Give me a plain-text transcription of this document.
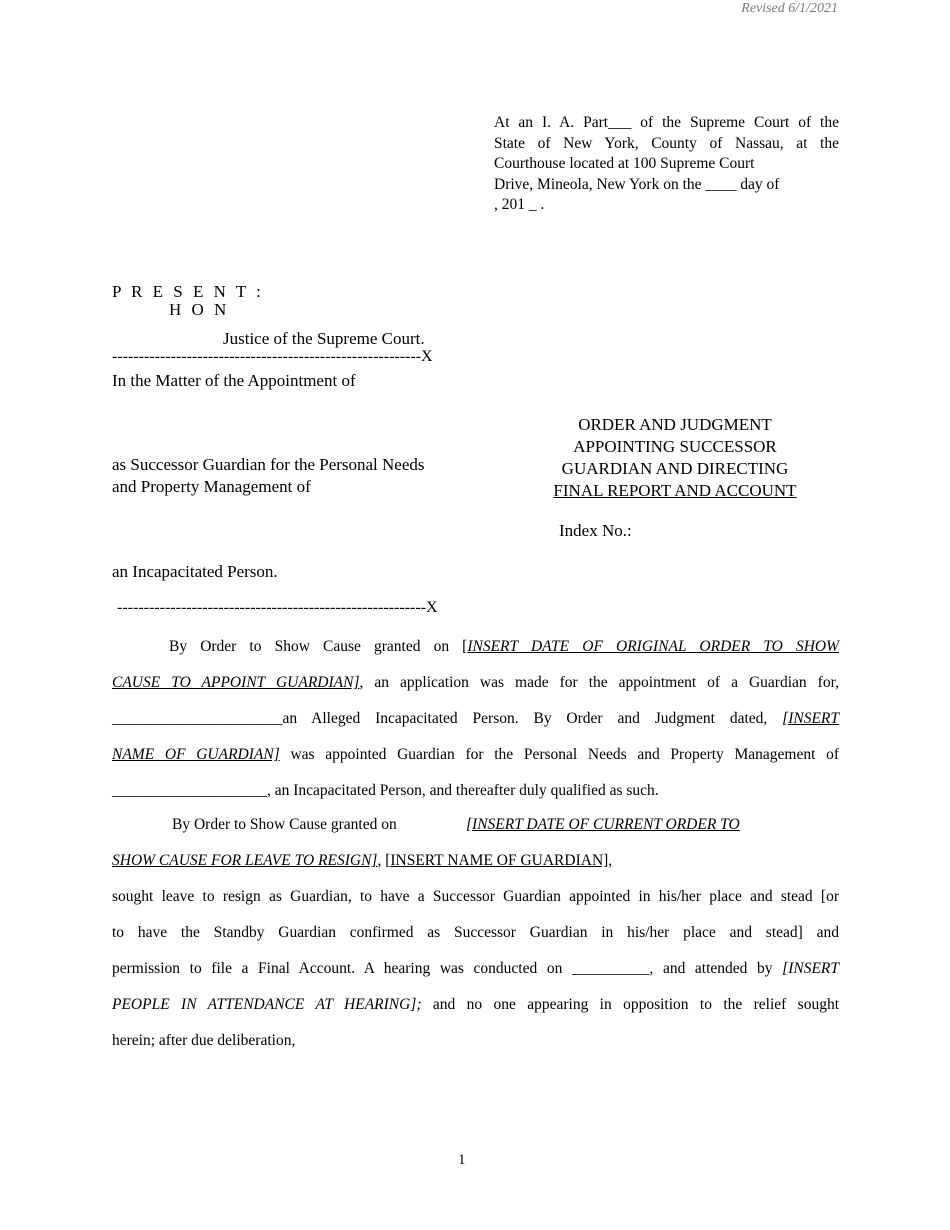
Revised 6/1/2021
At an I. A. Part___ of the Supreme Court of the
State of New York, County of Nassau, at the
Courthouse located at 100 Supreme Court
Drive, Mineola, New York on the ____ day of
, 201 _ .
P R E S E N T :
H O N
Justice of the Supreme Court.
----------------------------------------------------------X
In the Matter of the Appointment of
as Successor Guardian for the Personal Needs
and Property Management of
ORDER AND JUDGMENT
APPOINTING SUCCESSOR
GUARDIAN AND DIRECTING
FINAL REPORT AND ACCOUNT
Index No.:
an Incapacitated Person.
----------------------------------------------------------X
By Order to Show Cause granted on [INSERT DATE OF ORIGINAL ORDER TO SHOW
CAUSE TO APPOINT GUARDIAN], an application was made for the appointment of a Guardian for,
______________________an Alleged Incapacitated Person. By Order and Judgment dated, [INSERT
NAME OF GUARDIAN] was appointed Guardian for the Personal Needs and Property Management of
____________________, an Incapacitated Person, and thereafter duly qualified as such.
By Order to Show Cause granted on	[INSERT DATE OF CURRENT ORDER TO
SHOW CAUSE FOR LEAVE TO RESIGN], [INSERT NAME OF GUARDIAN],
sought leave to resign as Guardian, to have a Successor Guardian appointed in his/her place and stead [or
to have the Standby Guardian confirmed as Successor Guardian in his/her place and stead] and
permission to file a Final Account. A hearing was conducted on __________, and attended by [INSERT
PEOPLE IN ATTENDANCE AT HEARING]; and no one appearing in opposition to the relief sought
herein; after due deliberation,
1
